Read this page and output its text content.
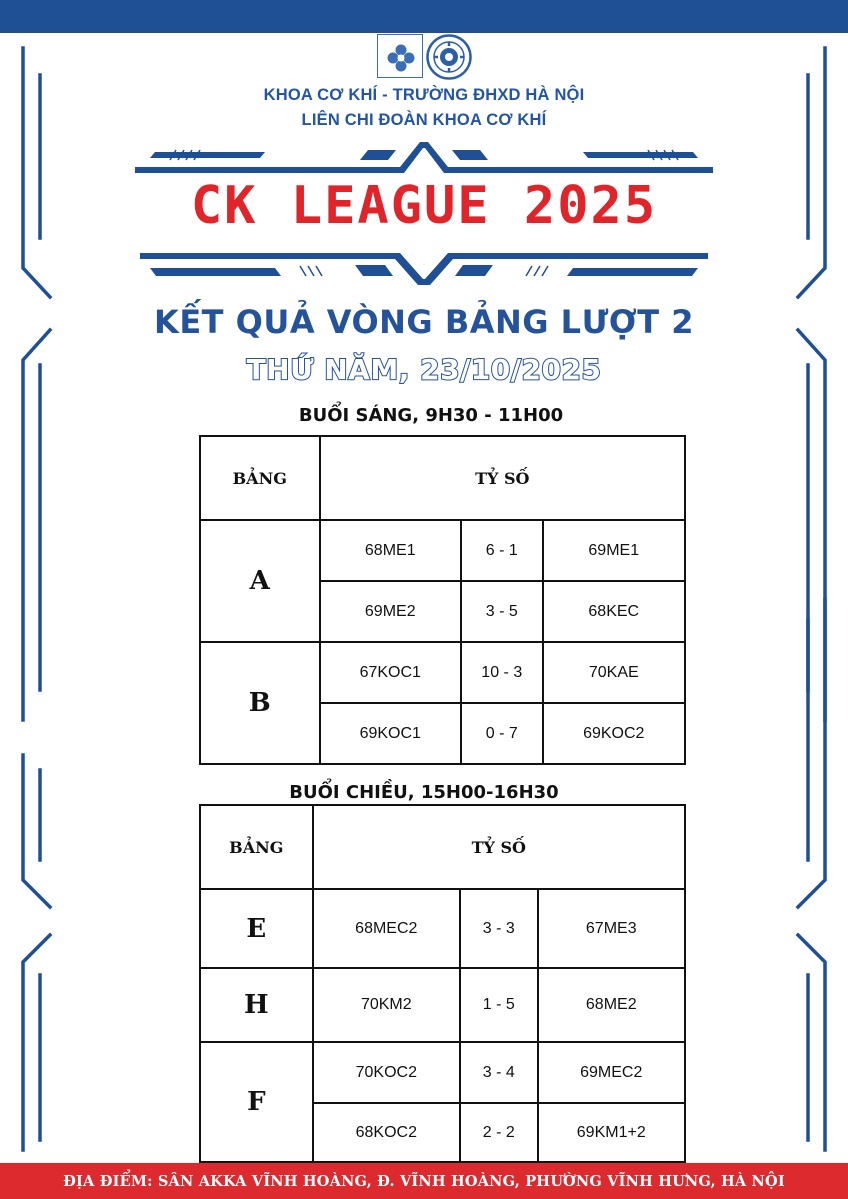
KHOA CƠ KHÍ - TRƯỜNG ĐHXD HÀ NỘI
LIÊN CHI ĐOÀN KHOA CƠ KHÍ
CK LEAGUE 2025
KẾT QUẢ VÒNG BẢNG LƯỢT 2
THỨ NĂM, 23/10/2025
BUỔI SÁNG, 9H30 - 11H00
BẢNG	TỶ SỐ		
A	68ME1	6 - 1	69ME1
	69ME2	3 - 5	68KEC
B	67KOC1	10 - 3	70KAE
	69KOC1	0 - 7	69KOC2
BUỔI CHIỀU, 15H00-16H30
BẢNG	TỶ SỐ		
E	68MEC2	3 - 3	67ME3
H	70KM2	1 - 5	68ME2
F	70KOC2	3 - 4	69MEC2
	68KOC2	2 - 2	69KM1+2
ĐỊA ĐIỂM: SÂN AKKA VĨNH HOÀNG, Đ. VĨNH HOÀNG, PHƯỜNG VĨNH HƯNG, HÀ NỘI
